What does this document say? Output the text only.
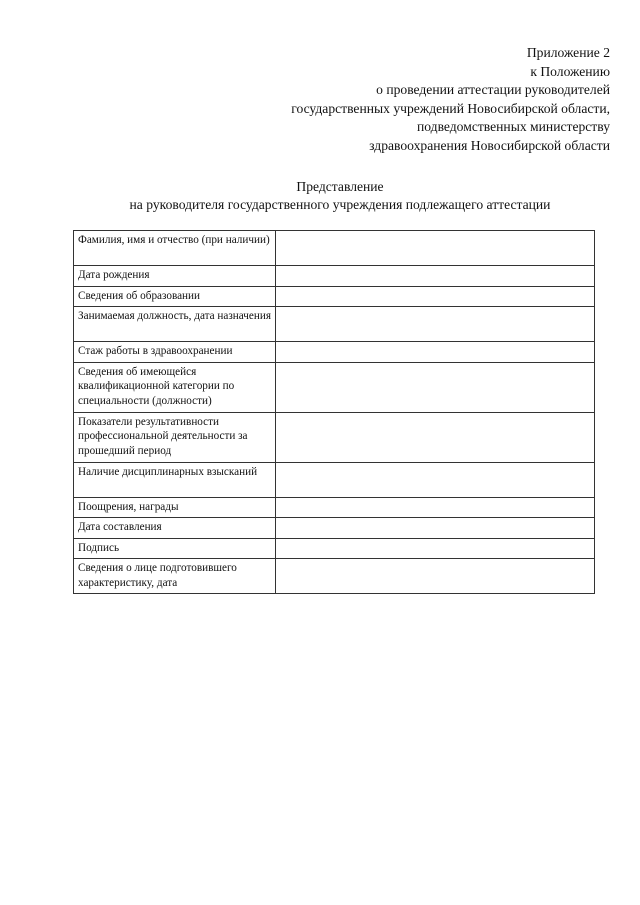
Приложение 2
к Положению
о проведении аттестации руководителей
государственных учреждений Новосибирской области,
подведомственных министерству
здравоохранения Новосибирской области
Представление
на руководителя государственного учреждения подлежащего аттестации
Фамилия, имя и отчество (при наличии)	
Дата рождения	
Сведения об образовании	
Занимаемая должность, дата назначения	
Стаж работы в здравоохранении	
Сведения об имеющейся квалификационной категории по специальности (должности)	
Показатели результативности профессиональной деятельности за прошедший период	
Наличие дисциплинарных взысканий	
Поощрения, награды	
Дата составления	
Подпись	
Сведения о лице подготовившего характеристику, дата	
